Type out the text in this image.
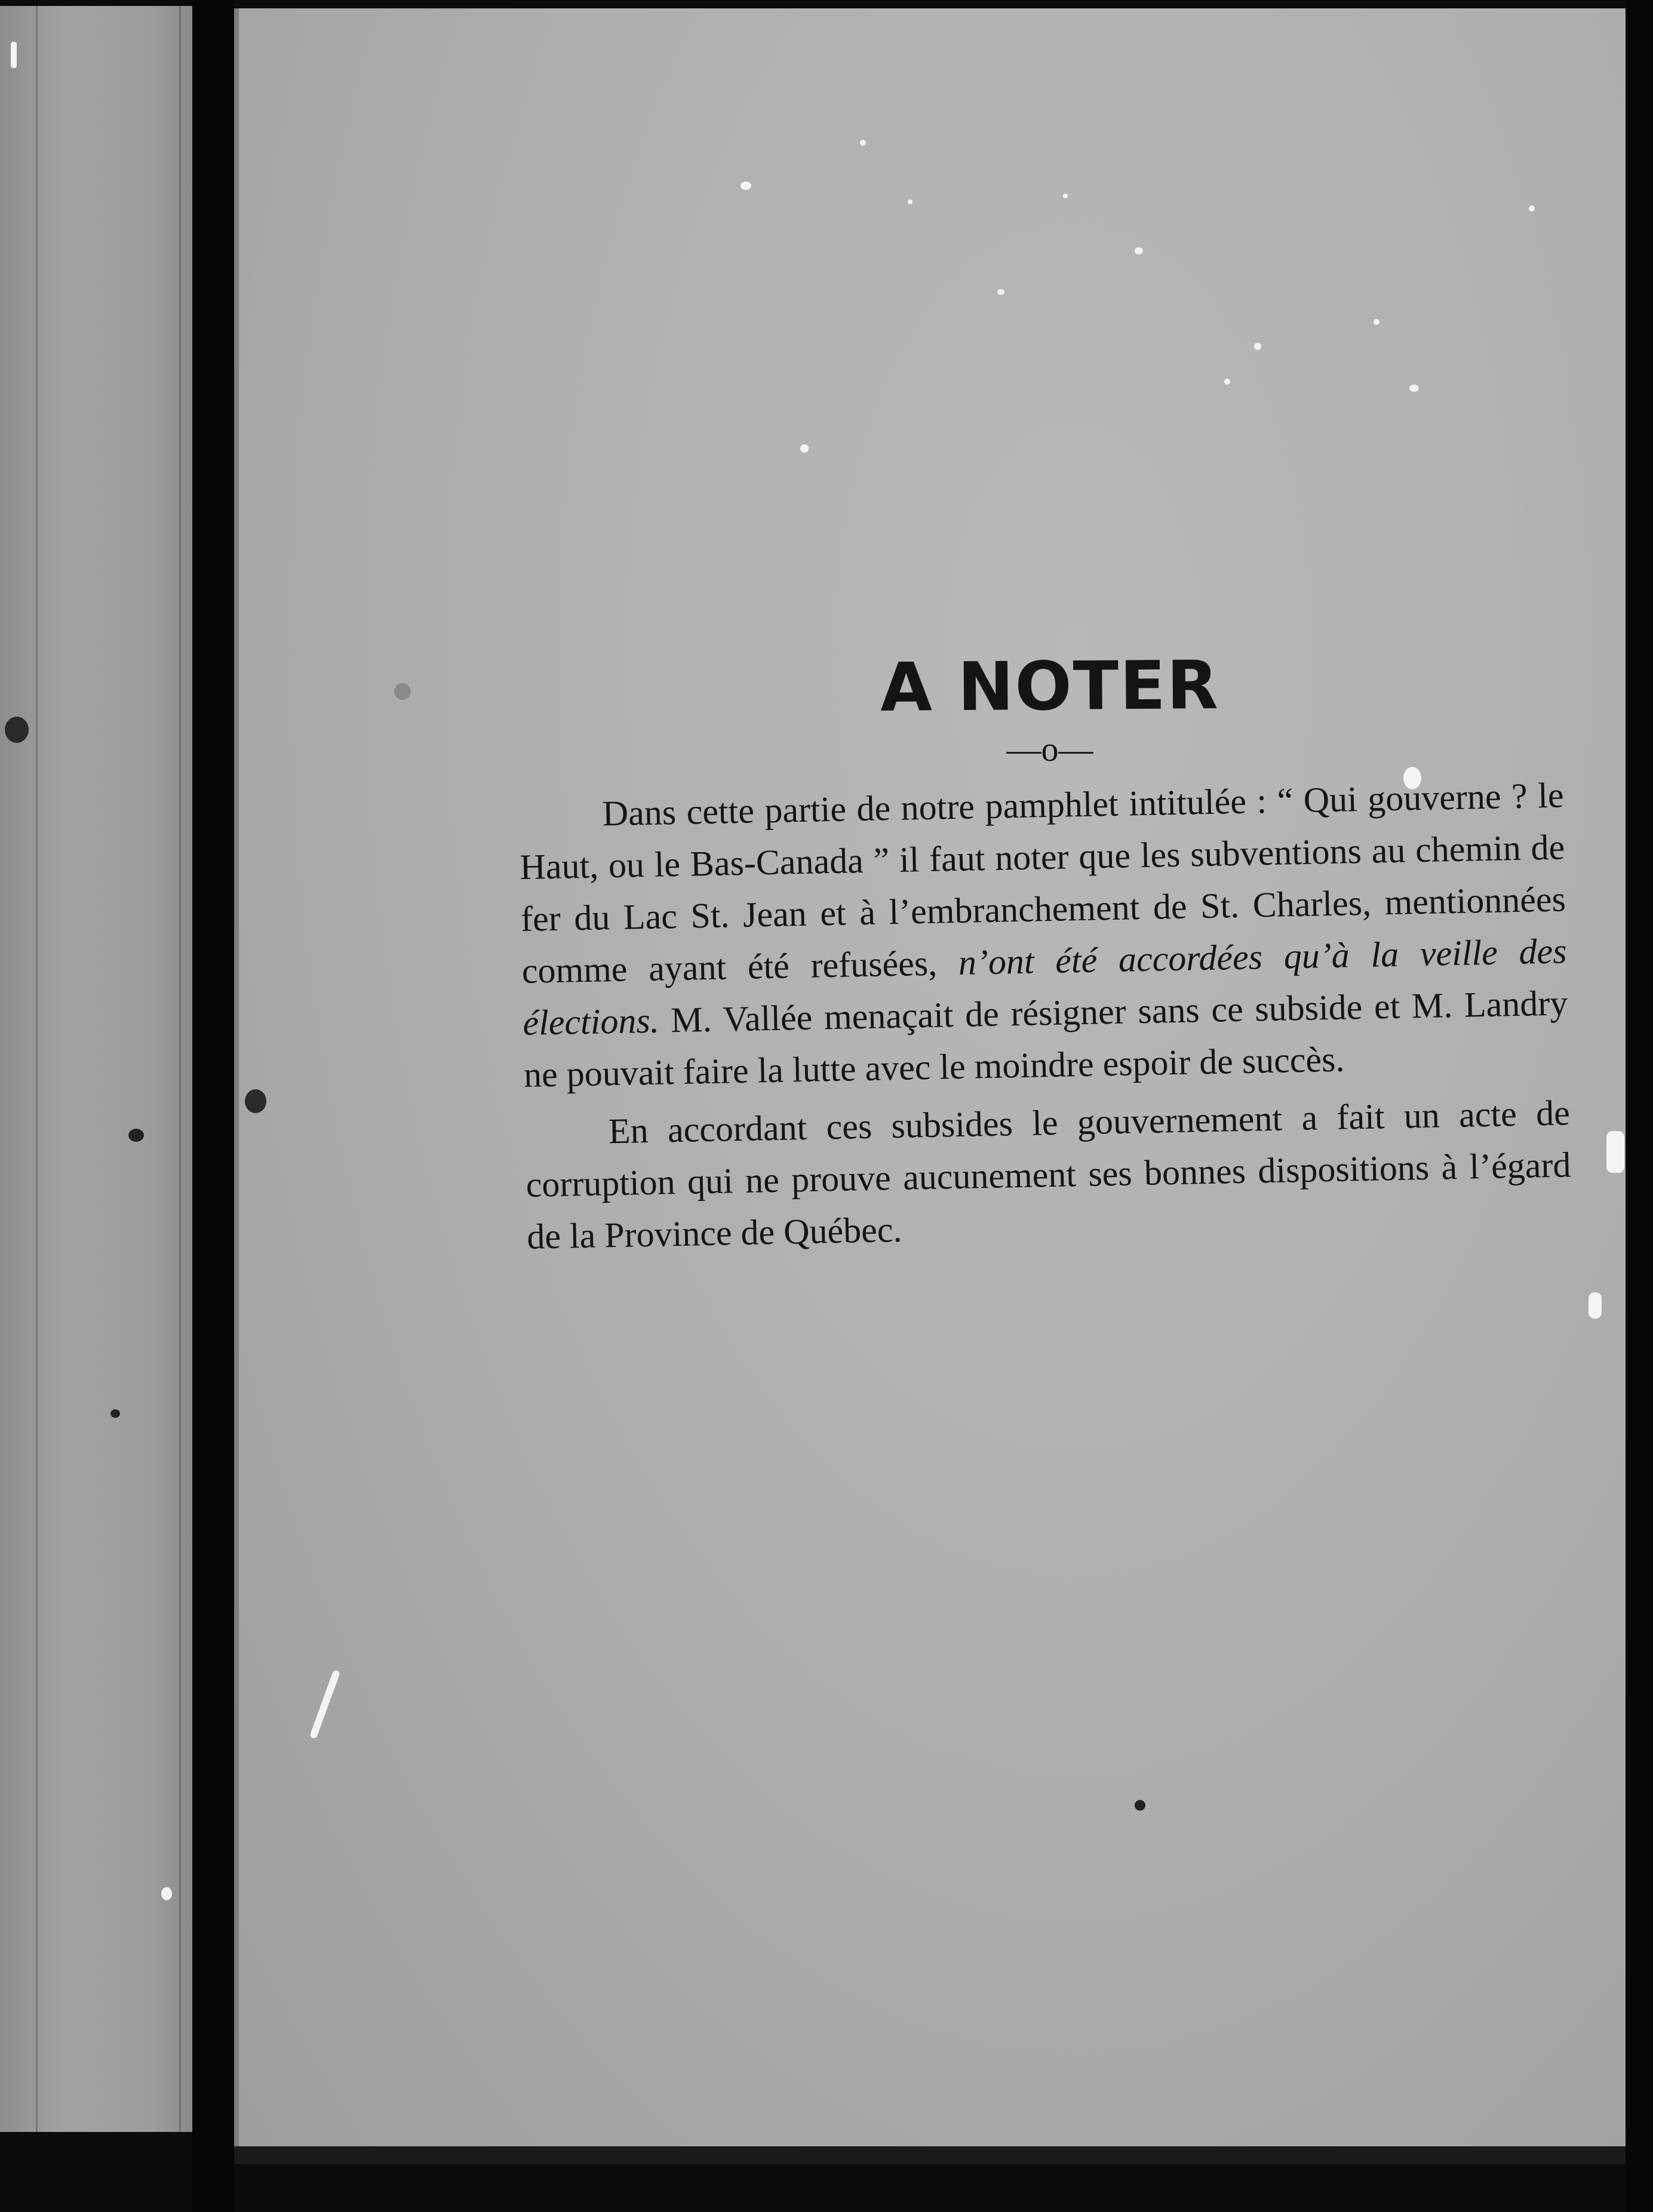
A NOTER
—o—

Dans cette partie de notre pamphlet intitulée : “ Qui gouverne ? le Haut, ou le Bas-Canada ” il faut noter que les subventions au chemin de fer du Lac St. Jean et à l’embranchement de St. Charles, mentionnées comme ayant été refusées, n’ont été accordées qu’à la veille des élections. M. Vallée menaçait de résigner sans ce subside et M. Landry ne pouvait faire la lutte avec le moindre espoir de succès.

En accordant ces subsides le gouvernement a fait un acte de corruption qui ne prouve aucunement ses bonnes dispositions à l’égard de la Province de Québec.
